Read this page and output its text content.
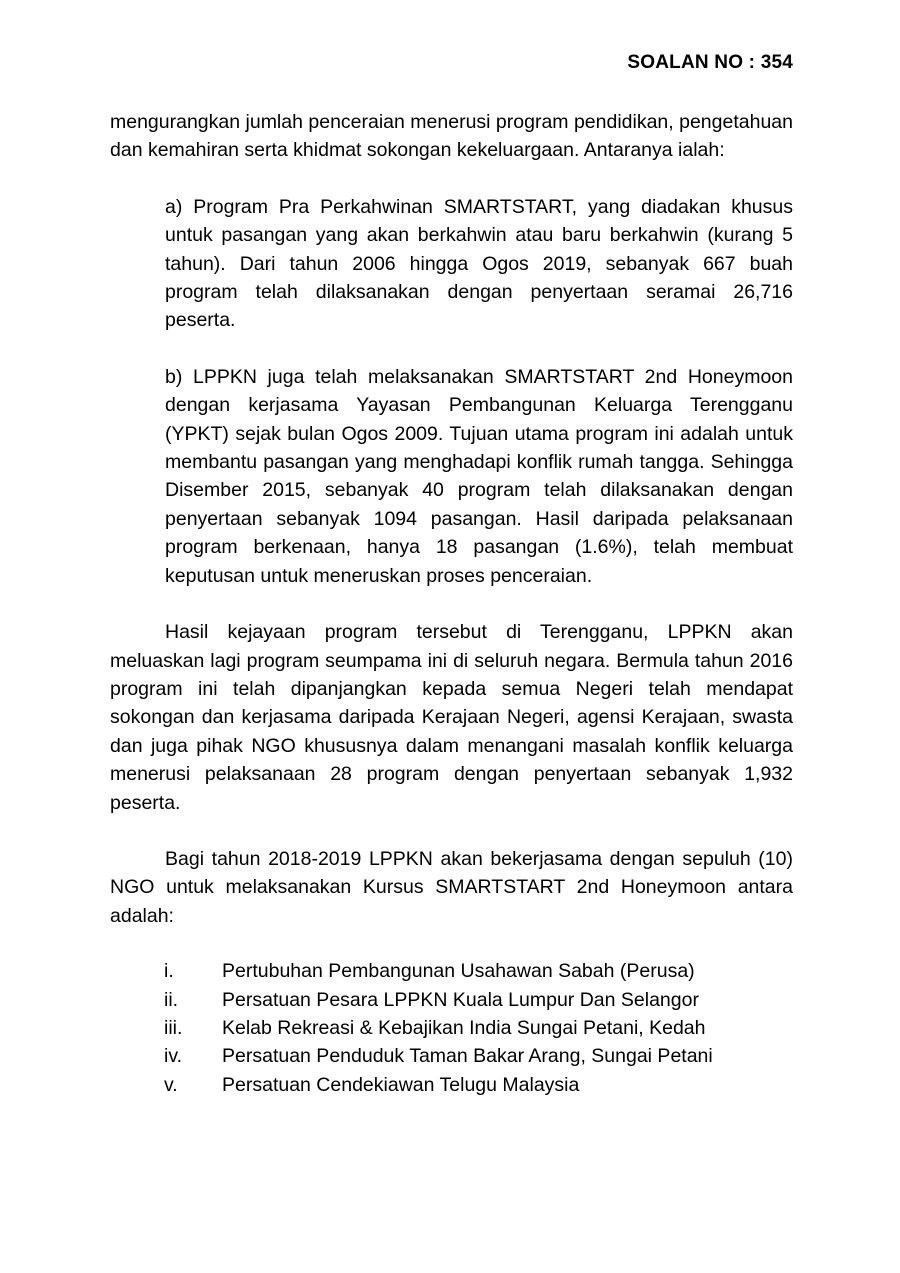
SOALAN NO : 354

mengurangkan jumlah penceraian menerusi program pendidikan, pengetahuan dan kemahiran serta khidmat sokongan kekeluargaan. Antaranya ialah:

a) Program Pra Perkahwinan SMARTSTART, yang diadakan khusus untuk pasangan yang akan berkahwin atau baru berkahwin (kurang 5 tahun). Dari tahun 2006 hingga Ogos 2019, sebanyak 667 buah program telah dilaksanakan dengan penyertaan seramai 26,716 peserta.

b) LPPKN juga telah melaksanakan SMARTSTART 2nd Honeymoon dengan kerjasama Yayasan Pembangunan Keluarga Terengganu (YPKT) sejak bulan Ogos 2009. Tujuan utama program ini adalah untuk membantu pasangan yang menghadapi konflik rumah tangga. Sehingga Disember 2015, sebanyak 40 program telah dilaksanakan dengan penyertaan sebanyak 1094 pasangan. Hasil daripada pelaksanaan program berkenaan, hanya 18 pasangan (1.6%), telah membuat keputusan untuk meneruskan proses penceraian.

Hasil kejayaan program tersebut di Terengganu, LPPKN akan meluaskan lagi program seumpama ini di seluruh negara. Bermula tahun 2016 program ini telah dipanjangkan kepada semua Negeri telah mendapat sokongan dan kerjasama daripada Kerajaan Negeri, agensi Kerajaan, swasta dan juga pihak NGO khususnya dalam menangani masalah konflik keluarga menerusi pelaksanaan 28 program dengan penyertaan sebanyak 1,932 peserta.

Bagi tahun 2018-2019 LPPKN akan bekerjasama dengan sepuluh (10) NGO untuk melaksanakan Kursus SMARTSTART 2nd Honeymoon antara adalah:

i.	Pertubuhan Pembangunan Usahawan Sabah (Perusa)
ii.	Persatuan Pesara LPPKN Kuala Lumpur Dan Selangor
iii.	Kelab Rekreasi & Kebajikan India Sungai Petani, Kedah
iv.	Persatuan Penduduk Taman Bakar Arang, Sungai Petani
v.	Persatuan Cendekiawan Telugu Malaysia
